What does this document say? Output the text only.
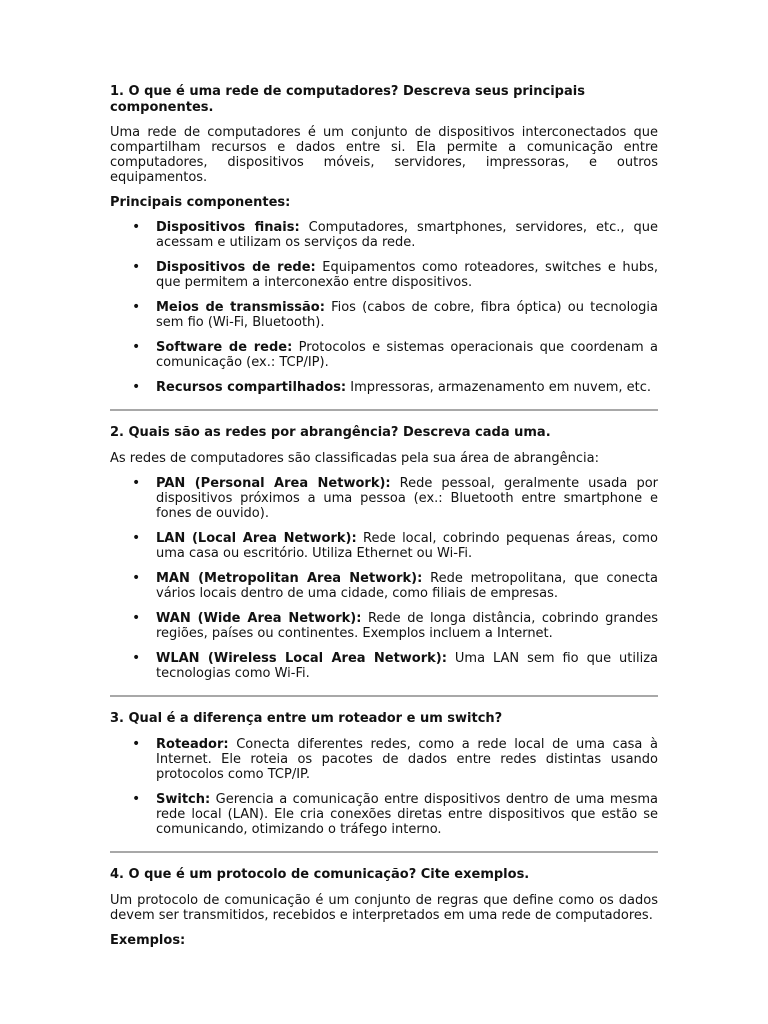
1. O que é uma rede de computadores? Descreva seus principais componentes.

Uma rede de computadores é um conjunto de dispositivos interconectados que compartilham recursos e dados entre si. Ela permite a comunicação entre computadores, dispositivos móveis, servidores, impressoras, e outros equipamentos.

Principais componentes:

• Dispositivos finais: Computadores, smartphones, servidores, etc., que acessam e utilizam os serviços da rede.
• Dispositivos de rede: Equipamentos como roteadores, switches e hubs, que permitem a interconexão entre dispositivos.
• Meios de transmissão: Fios (cabos de cobre, fibra óptica) ou tecnologia sem fio (Wi-Fi, Bluetooth).
• Software de rede: Protocolos e sistemas operacionais que coordenam a comunicação (ex.: TCP/IP).
• Recursos compartilhados: Impressoras, armazenamento em nuvem, etc.
2. Quais são as redes por abrangência? Descreva cada uma.

As redes de computadores são classificadas pela sua área de abrangência:

• PAN (Personal Area Network): Rede pessoal, geralmente usada por dispositivos próximos a uma pessoa (ex.: Bluetooth entre smartphone e fones de ouvido).
• LAN (Local Area Network): Rede local, cobrindo pequenas áreas, como uma casa ou escritório. Utiliza Ethernet ou Wi-Fi.
• MAN (Metropolitan Area Network): Rede metropolitana, que conecta vários locais dentro de uma cidade, como filiais de empresas.
• WAN (Wide Area Network): Rede de longa distância, cobrindo grandes regiões, países ou continentes. Exemplos incluem a Internet.
• WLAN (Wireless Local Area Network): Uma LAN sem fio que utiliza tecnologias como Wi-Fi.
3. Qual é a diferença entre um roteador e um switch?
• Roteador: Conecta diferentes redes, como a rede local de uma casa à Internet. Ele roteia os pacotes de dados entre redes distintas usando protocolos como TCP/IP.
• Switch: Gerencia a comunicação entre dispositivos dentro de uma mesma rede local (LAN). Ele cria conexões diretas entre dispositivos que estão se comunicando, otimizando o tráfego interno.
4. O que é um protocolo de comunicação? Cite exemplos.

Um protocolo de comunicação é um conjunto de regras que define como os dados devem ser transmitidos, recebidos e interpretados em uma rede de computadores.

Exemplos:
